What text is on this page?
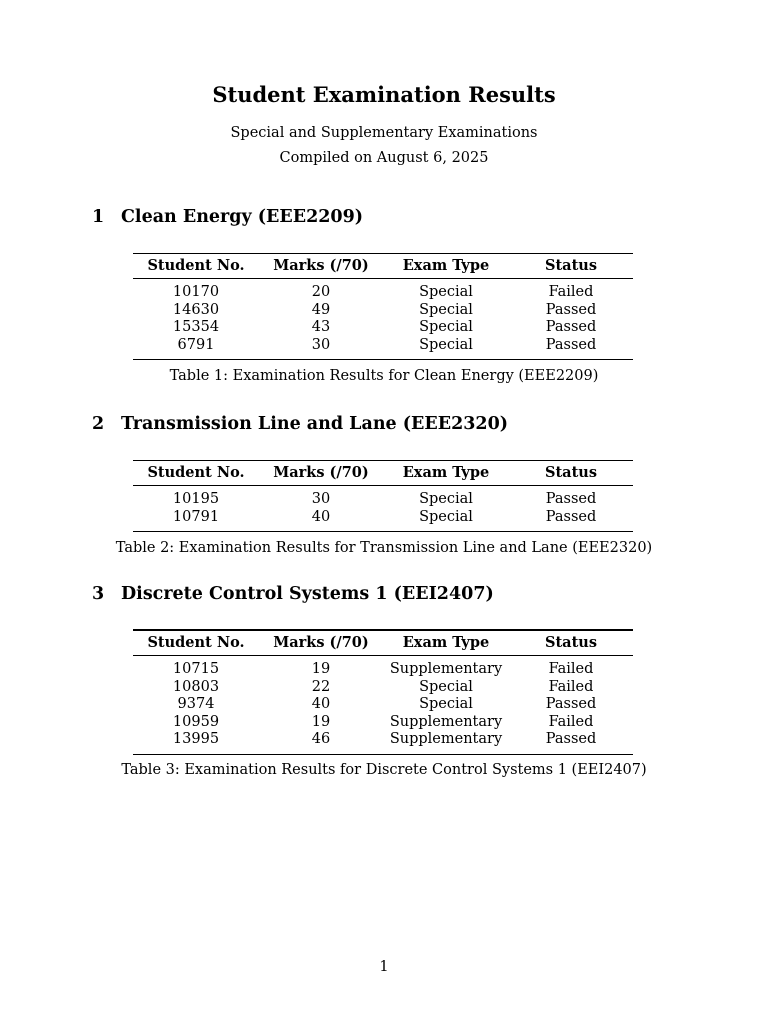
Student Examination Results
Special and Supplementary Examinations
Compiled on August 6, 2025
1 Clean Energy (EEE2209)
Student No.	Marks (/70)	Exam Type	Status
10170	20	Special	Failed
14630	49	Special	Passed
15354	43	Special	Passed
6791	30	Special	Passed
Table 1: Examination Results for Clean Energy (EEE2209)
2 Transmission Line and Lane (EEE2320)
Student No.	Marks (/70)	Exam Type	Status
10195	30	Special	Passed
10791	40	Special	Passed
Table 2: Examination Results for Transmission Line and Lane (EEE2320)
3 Discrete Control Systems 1 (EEI2407)
Student No.	Marks (/70)	Exam Type	Status
10715	19	Supplementary	Failed
10803	22	Special	Failed
9374	40	Special	Passed
10959	19	Supplementary	Failed
13995	46	Supplementary	Passed
Table 3: Examination Results for Discrete Control Systems 1 (EEI2407)
1
